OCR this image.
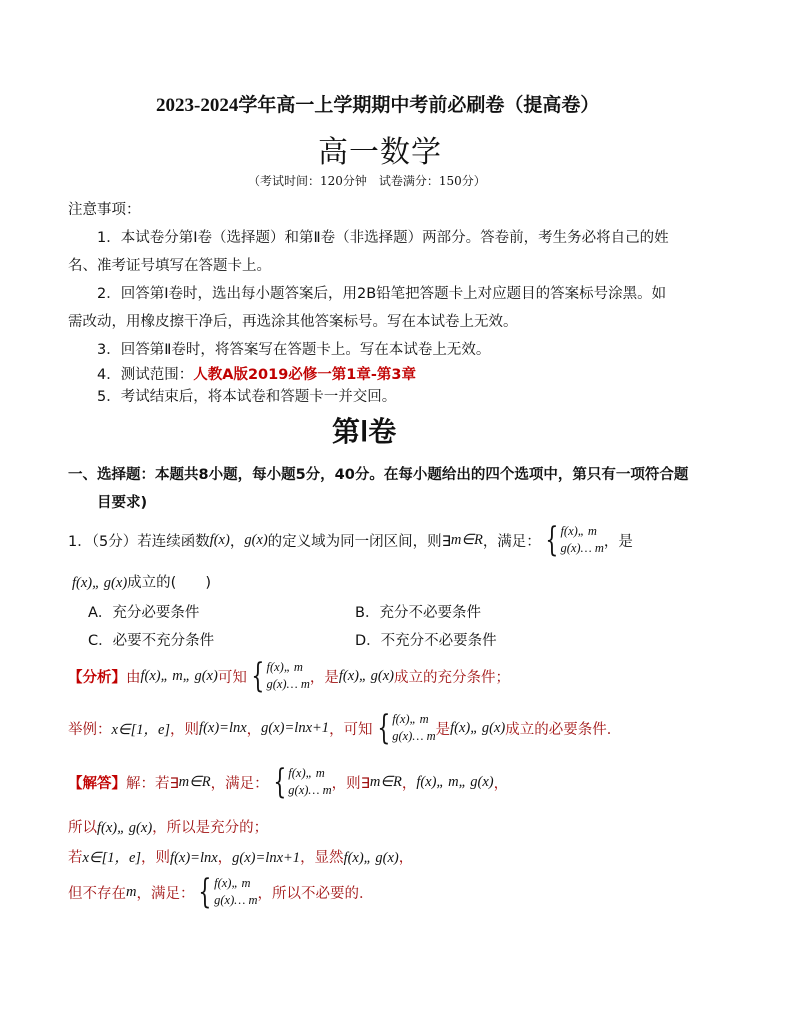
2023-2024学年高一上学期期中考前必刷卷（提高卷）
高一数学
（考试时间：120分钟　试卷满分：150分）
注意事项：
1．本试卷分第Ⅰ卷（选择题）和第Ⅱ卷（非选择题）两部分。答卷前，考生务必将自己的姓
名、准考证号填写在答题卡上。
2．回答第Ⅰ卷时，选出每小题答案后，用2B铅笔把答题卡上对应题目的答案标号涂黑。如
需改动，用橡皮擦干净后，再选涂其他答案标号。写在本试卷上无效。
3．回答第Ⅱ卷时，将答案写在答题卡上。写在本试卷上无效。
4．测试范围：人教A版2019必修一第1章-第3章
5．考试结束后，将本试卷和答题卡一并交回。
第Ⅰ卷
一、选择题：本题共8小题，每小题5分，40分。在每小题给出的四个选项中，第只有一项符合题
目要求)
1．（5分）若连续函数 f(x) ， g(x) 的定义域为同一闭区间，则∃ m∈R ，满足： { f(x)„ m
g(x)… m ，是
f(x)„ g(x)成立的(　　)
A．充分必要条件	B．充分不必要条件
C．必要不充分条件	D．不充分不必要条件
【分析】 由 f(x)„ m„ g(x) 可知 { f(x)„ m
g(x)… m ，是 f(x)„ g(x) 成立的充分条件；
举例： x∈[1，e] ，则 f(x)=lnx ， g(x)=lnx+1 ，可知 { f(x)„ m
g(x)… m 是 f(x)„ g(x) 成立的必要条件．
【解答】 解：若∃ m∈R ，满足： { f(x)„ m
g(x)… m ，则∃ m∈R ， f(x)„ m„ g(x) ，
所以f(x)„ g(x)，所以是充分的；
若x∈[1，e]，则f(x)=lnx，g(x)=lnx+1，显然f(x)„ g(x)，
但不存在 m ，满足： { f(x)„ m
g(x)… m ，所以不必要的．
